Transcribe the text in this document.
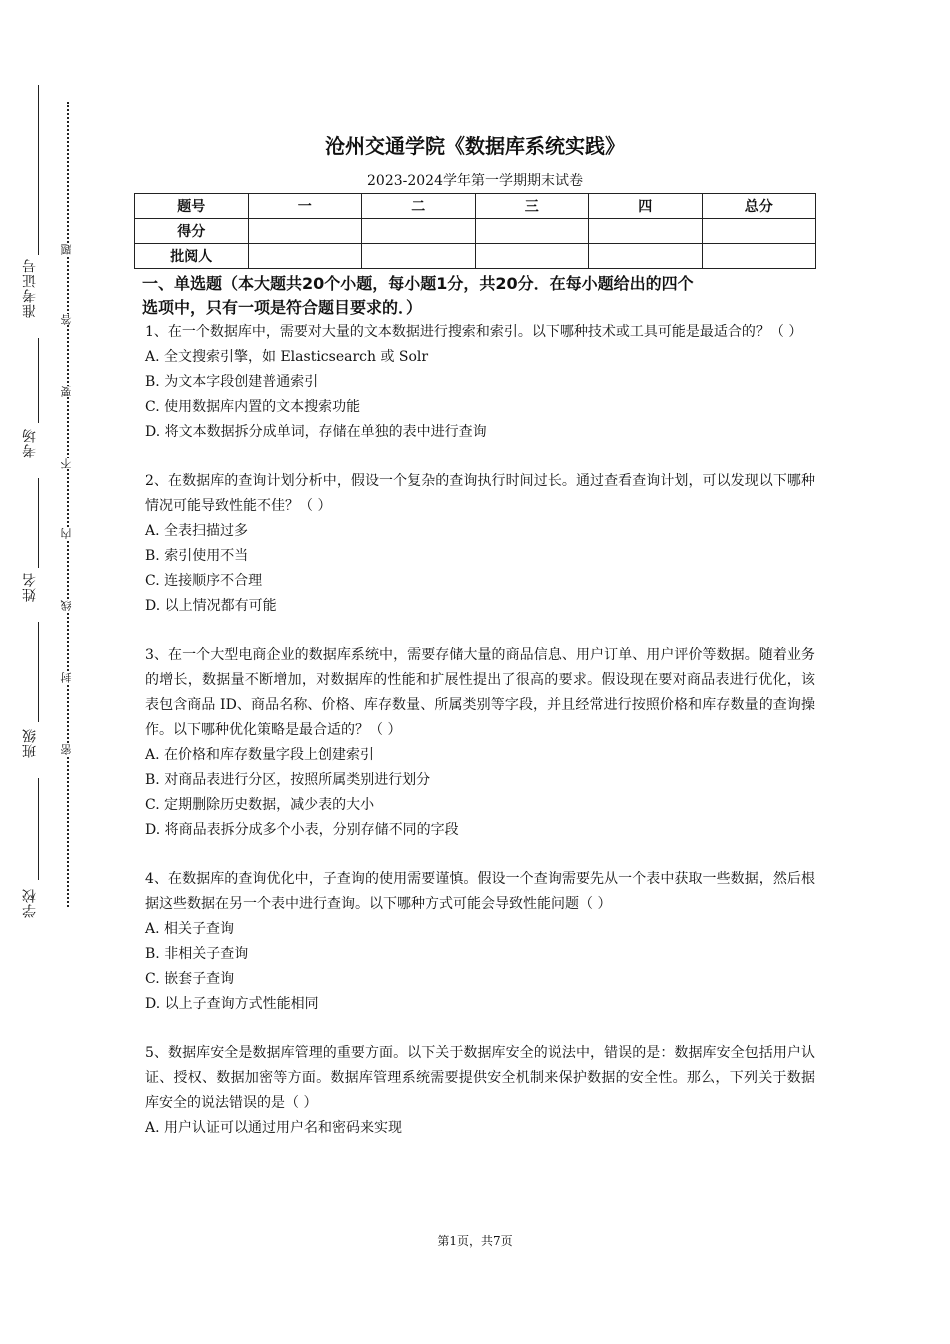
准考证号
考场
姓名
班级
学校
题
答
要
不
内
线
封
密
沧州交通学院《数据库系统实践》
2023-2024学年第一学期期末试卷
题号	一	二	三	四	总分
得分					
批阅人					
一、单选题（本大题共20个小题，每小题1分，共20分．在每小题给出的四个
选项中，只有一项是符合题目要求的．）
1、在一个数据库中，需要对大量的文本数据进行搜索和索引。以下哪种技术或工具可能是最适合的？（ ）
A. 全文搜索引擎，如 Elasticsearch 或 Solr
B. 为文本字段创建普通索引
C. 使用数据库内置的文本搜索功能
D. 将文本数据拆分成单词，存储在单独的表中进行查询
2、在数据库的查询计划分析中，假设一个复杂的查询执行时间过长。通过查看查询计划，可以发现以下哪种情况可能导致性能不佳？（ ）
A. 全表扫描过多
B. 索引使用不当
C. 连接顺序不合理
D. 以上情况都有可能
3、在一个大型电商企业的数据库系统中，需要存储大量的商品信息、用户订单、用户评价等数据。随着业务的增长，数据量不断增加，对数据库的性能和扩展性提出了很高的要求。假设现在要对商品表进行优化，该表包含商品 ID、商品名称、价格、库存数量、所属类别等字段，并且经常进行按照价格和库存数量的查询操作。以下哪种优化策略是最合适的？（ ）
A. 在价格和库存数量字段上创建索引
B. 对商品表进行分区，按照所属类别进行划分
C. 定期删除历史数据，减少表的大小
D. 将商品表拆分成多个小表，分别存储不同的字段
4、在数据库的查询优化中，子查询的使用需要谨慎。假设一个查询需要先从一个表中获取一些数据，然后根据这些数据在另一个表中进行查询。以下哪种方式可能会导致性能问题（ ）
A. 相关子查询
B. 非相关子查询
C. 嵌套子查询
D. 以上子查询方式性能相同
5、数据库安全是数据库管理的重要方面。以下关于数据库安全的说法中，错误的是：数据库安全包括用户认证、授权、数据加密等方面。数据库管理系统需要提供安全机制来保护数据的安全性。那么，下列关于数据库安全的说法错误的是（ ）
A. 用户认证可以通过用户名和密码来实现
第1页，共7页
